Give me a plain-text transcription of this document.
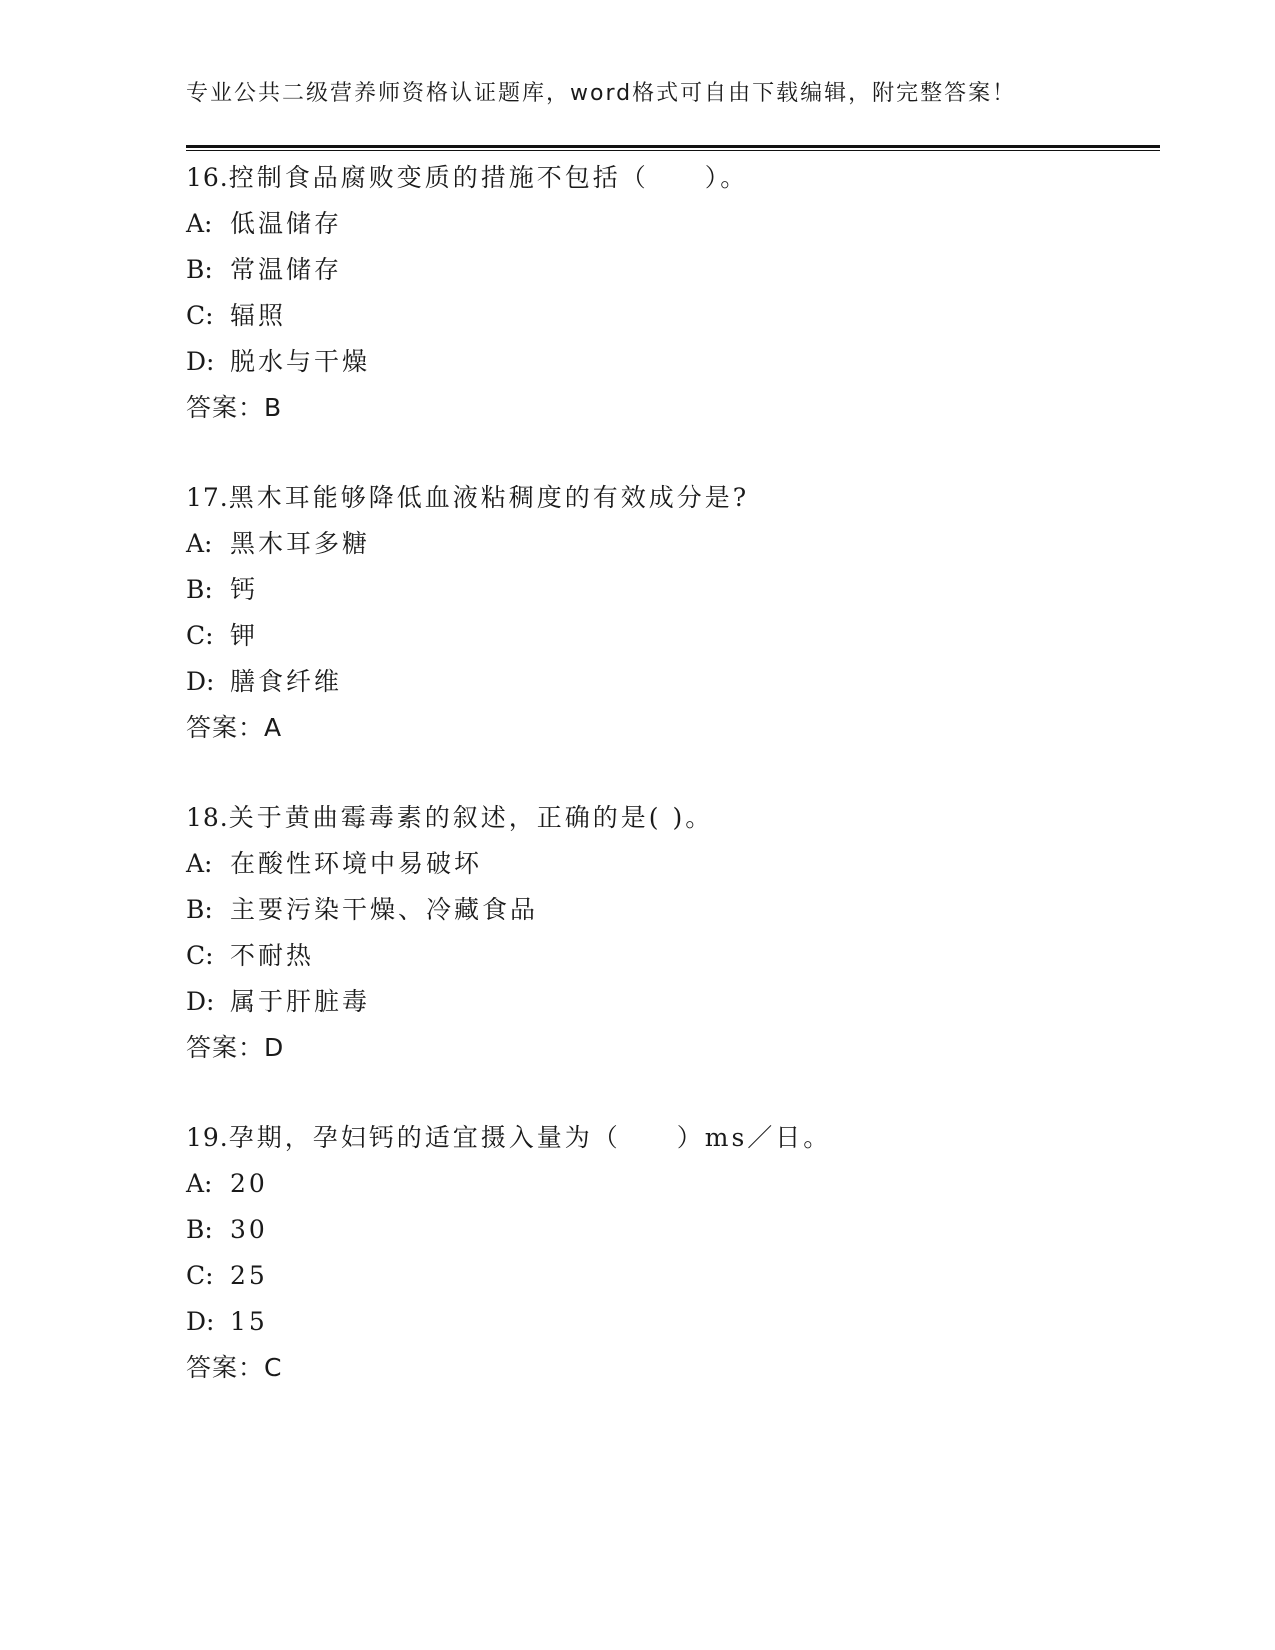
专业公共二级营养师资格认证题库，word格式可自由下载编辑，附完整答案！
16.控制食品腐败变质的措施不包括（　　）。
A: 低温储存
B: 常温储存
C: 辐照
D: 脱水与干燥
答案：B
17.黑木耳能够降低血液粘稠度的有效成分是?
A: 黑木耳多糖
B: 钙
C: 钾
D: 膳食纤维
答案：A
18.关于黄曲霉毒素的叙述，正确的是( )。
A: 在酸性环境中易破坏
B: 主要污染干燥、冷藏食品
C: 不耐热
D: 属于肝脏毒
答案：D
19.孕期，孕妇钙的适宜摄入量为（　　）ms／日。
A: 20
B: 30
C: 25
D: 15
答案：C
